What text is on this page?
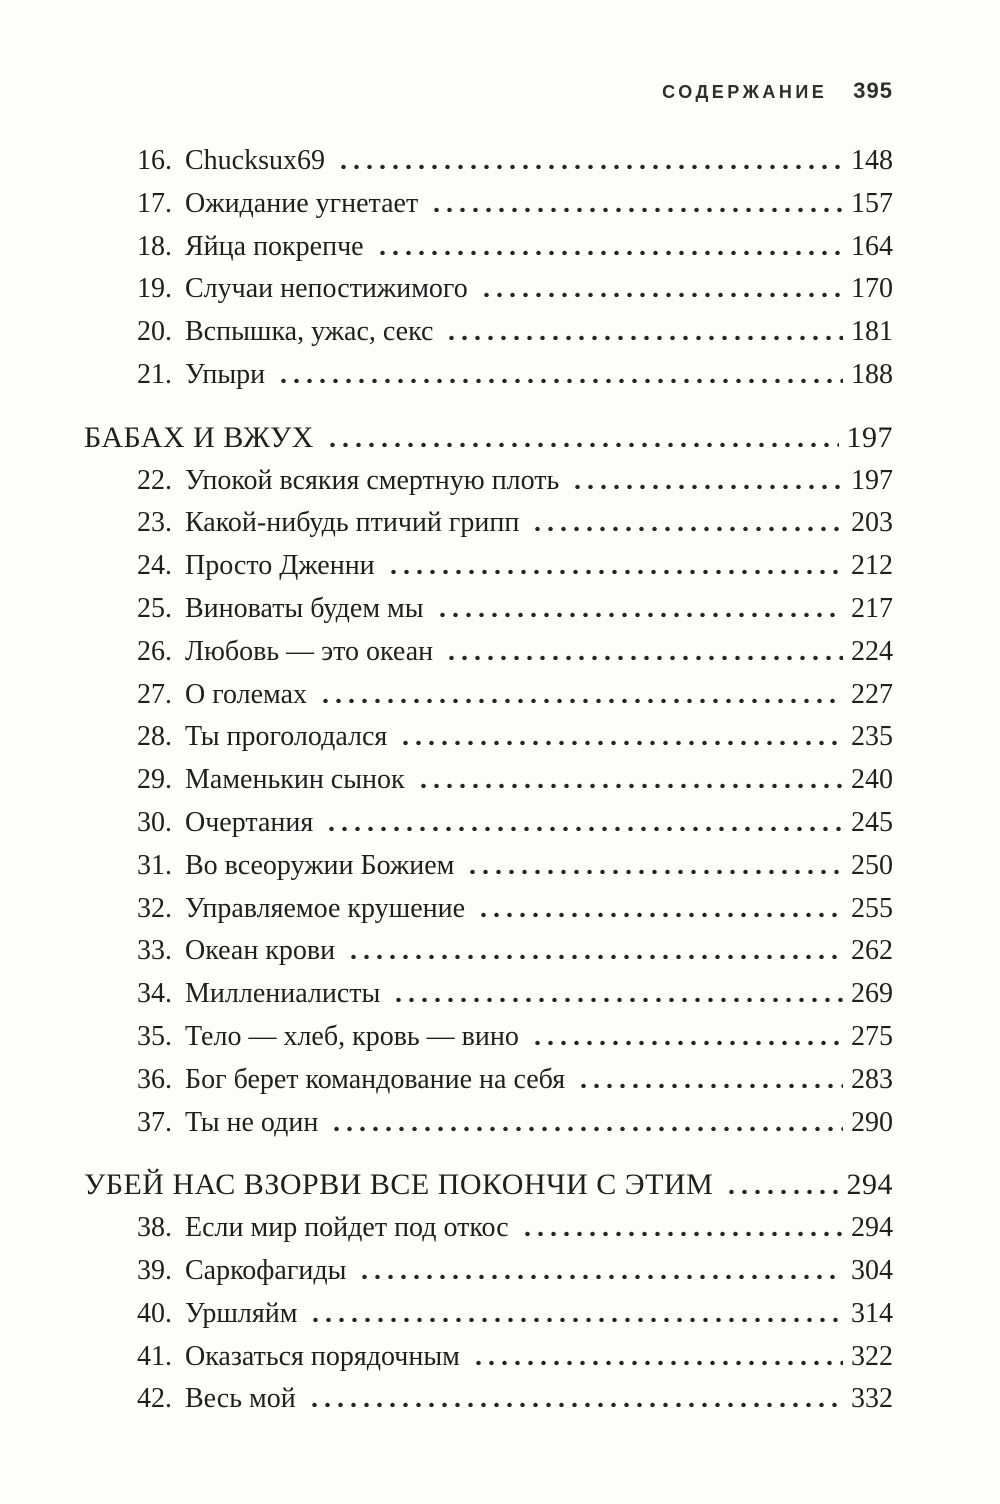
СОДЕРЖАНИЕ 395
16. Chucksux69	148
17. Ожидание угнетает	157
18. Яйца покрепче	164
19. Случаи непостижимого	170
20. Вспышка, ужас, секс	181
21. Упыри	188
БАБАХ И ВЖУХ	197
22. Упокой всякия смертную плоть	197
23. Какой-нибудь птичий грипп	203
24. Просто Дженни	212
25. Виноваты будем мы	217
26. Любовь — это океан	224
27. О големах	227
28. Ты проголодался	235
29. Маменькин сынок	240
30. Очертания	245
31. Во всеоружии Божием	250
32. Управляемое крушение	255
33. Океан крови	262
34. Миллениалисты	269
35. Тело — хлеб, кровь — вино	275
36. Бог берет командование на себя	283
37. Ты не один	290
УБЕЙ НАС ВЗОРВИ ВСЕ ПОКОНЧИ С ЭТИМ	294
38. Если мир пойдет под откос	294
39. Саркофагиды	304
40. Уршляйм	314
41. Оказаться порядочным	322
42. Весь мой	332
